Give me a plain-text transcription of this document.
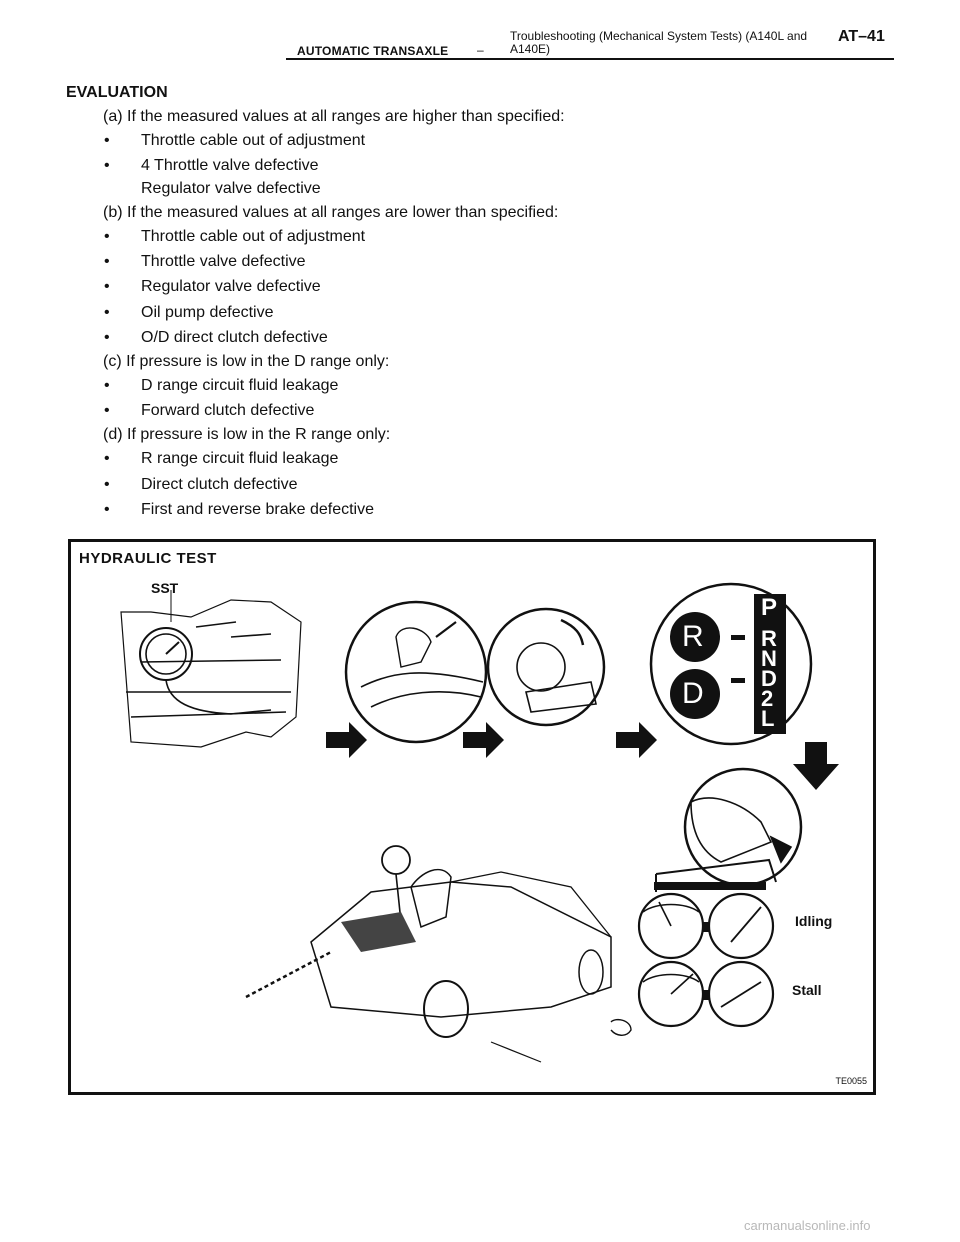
AUTOMATIC TRANSAXLE –
Troubleshooting (Mechanical System Tests) (A140L and A140E)
AT–41
EVALUATION
(a) If the measured values at all ranges are higher than specified:
• Throttle cable out of adjustment
• 4 Throttle valve defective
Regulator valve defective
(b) If the measured values at all ranges are lower than specified:
• Throttle cable out of adjustment
• Throttle valve defective
• Regulator valve defective
• Oil pump defective
• O/D direct clutch defective
(c) If pressure is low in the D range only:
• D range circuit fluid leakage
• Forward clutch defective
(d) If pressure is low in the R range only:
• R range circuit fluid leakage
• Direct clutch defective
• First and reverse brake defective
HYDRAULIC TEST
SST
P
R
N
D
2
L
R
D
Idling
Stall
TE0055
carmanualsonline.info
